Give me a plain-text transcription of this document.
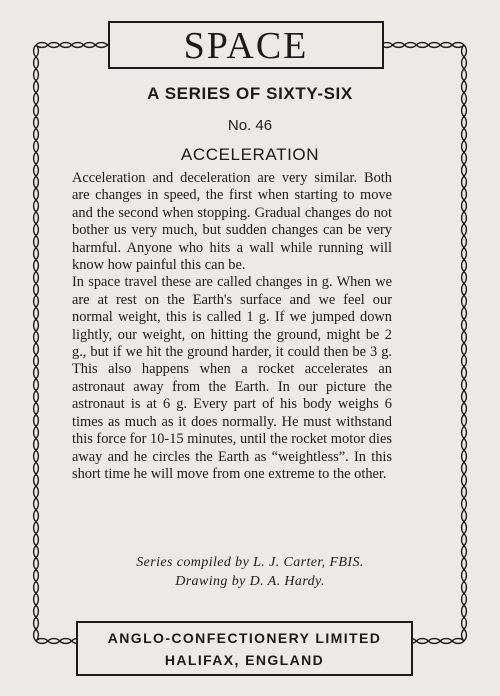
SPACE
A SERIES OF SIXTY-SIX
No. 46
ACCELERATION

Acceleration and deceleration are very similar. Both are changes in speed, the first when starting to move and the second when stopping. Gradual changes do not bother us very much, but sudden changes can be very harmful. Anyone who hits a wall while running will know how painful this can be.

In space travel these are called changes in g. When we are at rest on the Earth's surface and we feel our normal weight, this is called 1 g. If we jumped down lightly, our weight, on hitting the ground, might be 2 g., but if we hit the ground harder, it could then be 3 g. This also happens when a rocket accelerates an astronaut away from the Earth. In our picture the astronaut is at 6 g. Every part of his body weighs 6 times as much as it does normally. He must withstand this force for 10-15 minutes, until the rocket motor dies away and he circles the Earth as “weightless”. In this short time he will move from one extreme to the other.

Series compiled by L. J. Carter, FBIS.
Drawing by D. A. Hardy.
ANGLO-CONFECTIONERY LIMITED
HALIFAX, ENGLAND
